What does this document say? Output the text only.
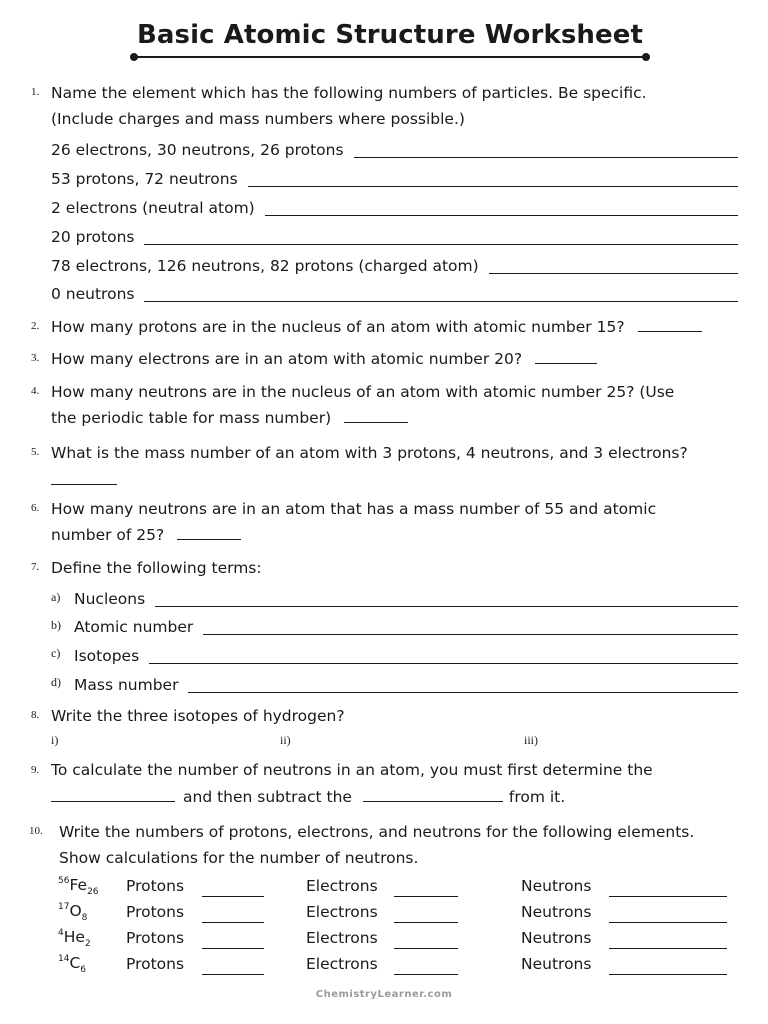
Basic Atomic Structure Worksheet
1. Name the element which has the following numbers of particles. Be specific.
(Include charges and mass numbers where possible.)
26 electrons, 30 neutrons, 26 protons
53 protons, 72 neutrons
2 electrons (neutral atom)
20 protons
78 electrons, 126 neutrons, 82 protons (charged atom)
0 neutrons
2. How many protons are in the nucleus of an atom with atomic number 15?
3. How many electrons are in an atom with atomic number 20?
4. How many neutrons are in the nucleus of an atom with atomic number 25? (Use
the periodic table for mass number)
5. What is the mass number of an atom with 3 protons, 4 neutrons, and 3 electrons?
6. How many neutrons are in an atom that has a mass number of 55 and atomic
number of 25?
7. Define the following terms:
a) Nucleons
b) Atomic number
c) Isotopes
d) Mass number
8. Write the three isotopes of hydrogen?
i)	ii)	iii)
9. To calculate the number of neutrons in an atom, you must first determine the
and then subtract the	from it.
10. Write the numbers of protons, electrons, and neutrons for the following elements.
Show calculations for the number of neutrons.
$^{56}Fe_{26}$ Protons	Electrons	Neutrons
$^{17}O_8$ Protons	Electrons	Neutrons
$^4He_2$ Protons	Electrons	Neutrons
$^{14}C_6$	Protons	Electrons	Neutrons
ChemistryLearner.com
